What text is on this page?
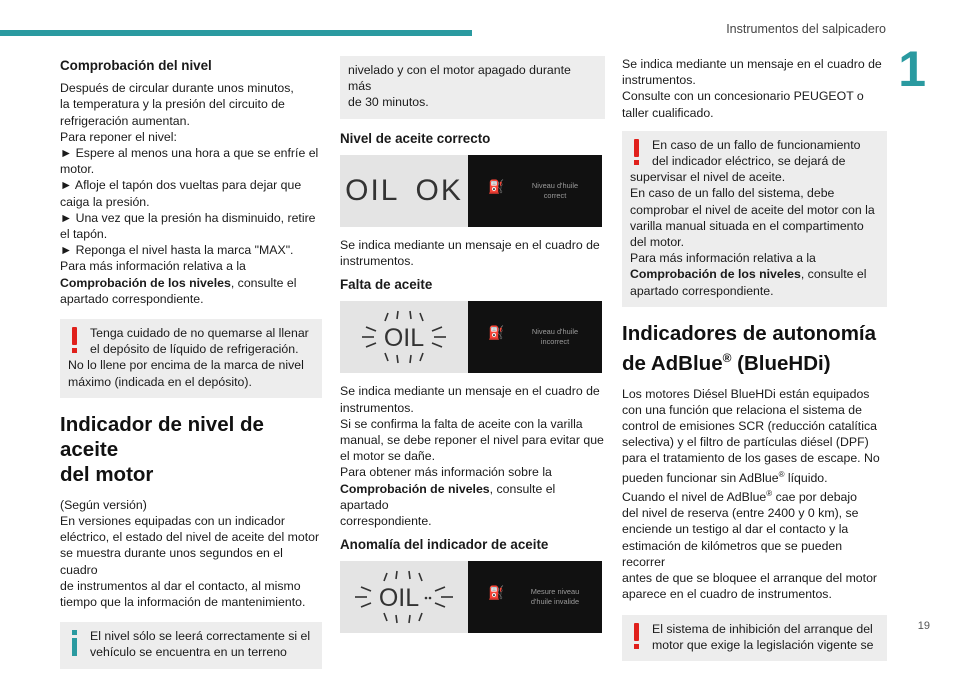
Instrumentos del salpicadero
1
19
Comprobación del nivel
Después de circular durante unos minutos,
la temperatura y la presión del circuito de
refrigeración aumentan.
Para reponer el nivel:
► Espere al menos una hora a que se enfríe el
motor.
► Afloje el tapón dos vueltas para dejar que
caiga la presión.
► Una vez que la presión ha disminuido, retire
el tapón.
► Reponga el nivel hasta la marca "MAX".
Para más información relativa a la
Comprobación de los niveles, consulte el
apartado correspondiente.
Tenga cuidado de no quemarse al llenar
el depósito de líquido de refrigeración.
No lo llene por encima de la marca de nivel
máximo (indicada en el depósito).
Indicador de nivel de aceite
del motor
(Según versión)
En versiones equipadas con un indicador
eléctrico, el estado del nivel de aceite del motor
se muestra durante unos segundos en el cuadro
de instrumentos al dar el contacto, al mismo
tiempo que la información de mantenimiento.
El nivel sólo se leerá correctamente si el
vehículo se encuentra en un terreno
nivelado y con el motor apagado durante más
de 30 minutos.
Nivel de aceite correcto
OIL OK	⛽	Niveau d'huile
correct
Se indica mediante un mensaje en el cuadro de
instrumentos.
Falta de aceite
OIL	⛽	Niveau d'huile
incorrect
Se indica mediante un mensaje en el cuadro de
instrumentos.
Si se confirma la falta de aceite con la varilla
manual, se debe reponer el nivel para evitar que
el motor se dañe.
Para obtener más información sobre la
Comprobación de niveles, consulte el apartado
correspondiente.
Anomalía del indicador de aceite
OIL	⛽	Mesure niveau
d'huile invalide
Se indica mediante un mensaje en el cuadro de
instrumentos.
Consulte con un concesionario PEUGEOT o
taller cualificado.
En caso de un fallo de funcionamiento
del indicador eléctrico, se dejará de
supervisar el nivel de aceite.
En caso de un fallo del sistema, debe
comprobar el nivel de aceite del motor con la
varilla manual situada en el compartimento
del motor.
Para más información relativa a la
Comprobación de los niveles, consulte el
apartado correspondiente.
Indicadores de autonomía
de AdBlue® (BlueHDi)
Los motores Diésel BlueHDi están equipados
con una función que relaciona el sistema de
control de emisiones SCR (reducción catalítica
selectiva) y el filtro de partículas diésel (DPF)
para el tratamiento de los gases de escape. No
pueden funcionar sin AdBlue® líquido.
Cuando el nivel de AdBlue® cae por debajo
del nivel de reserva (entre 2400 y 0 km), se
enciende un testigo al dar el contacto y la
estimación de kilómetros que se pueden recorrer
antes de que se bloquee el arranque del motor
aparece en el cuadro de instrumentos.
El sistema de inhibición del arranque del
motor que exige la legislación vigente se
